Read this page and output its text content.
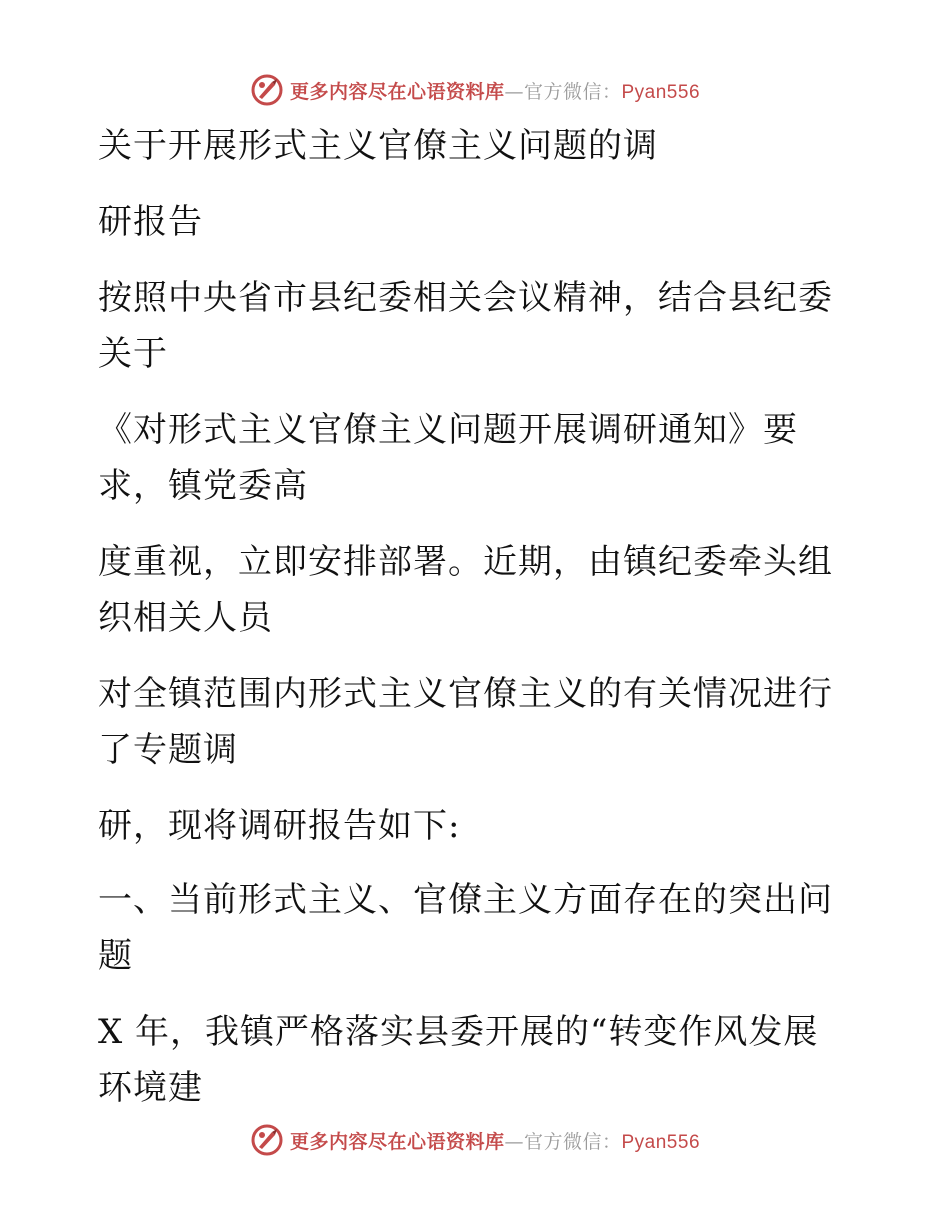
更多内容尽在心语资料库—官方微信：Pyan556
关于开展形式主义官僚主义问题的调
研报告
按照中央省市县纪委相关会议精神，结合县纪委
关于
《对形式主义官僚主义问题开展调研通知》要
求，镇党委高
度重视，立即安排部署。近期，由镇纪委牵头组
织相关人员
对全镇范围内形式主义官僚主义的有关情况进行
了专题调
研，现将调研报告如下:
一、当前形式主义、官僚主义方面存在的突出问
题
X 年，我镇严格落实县委开展的“转变作风发展
环境建
更多内容尽在心语资料库—官方微信：Pyan556
